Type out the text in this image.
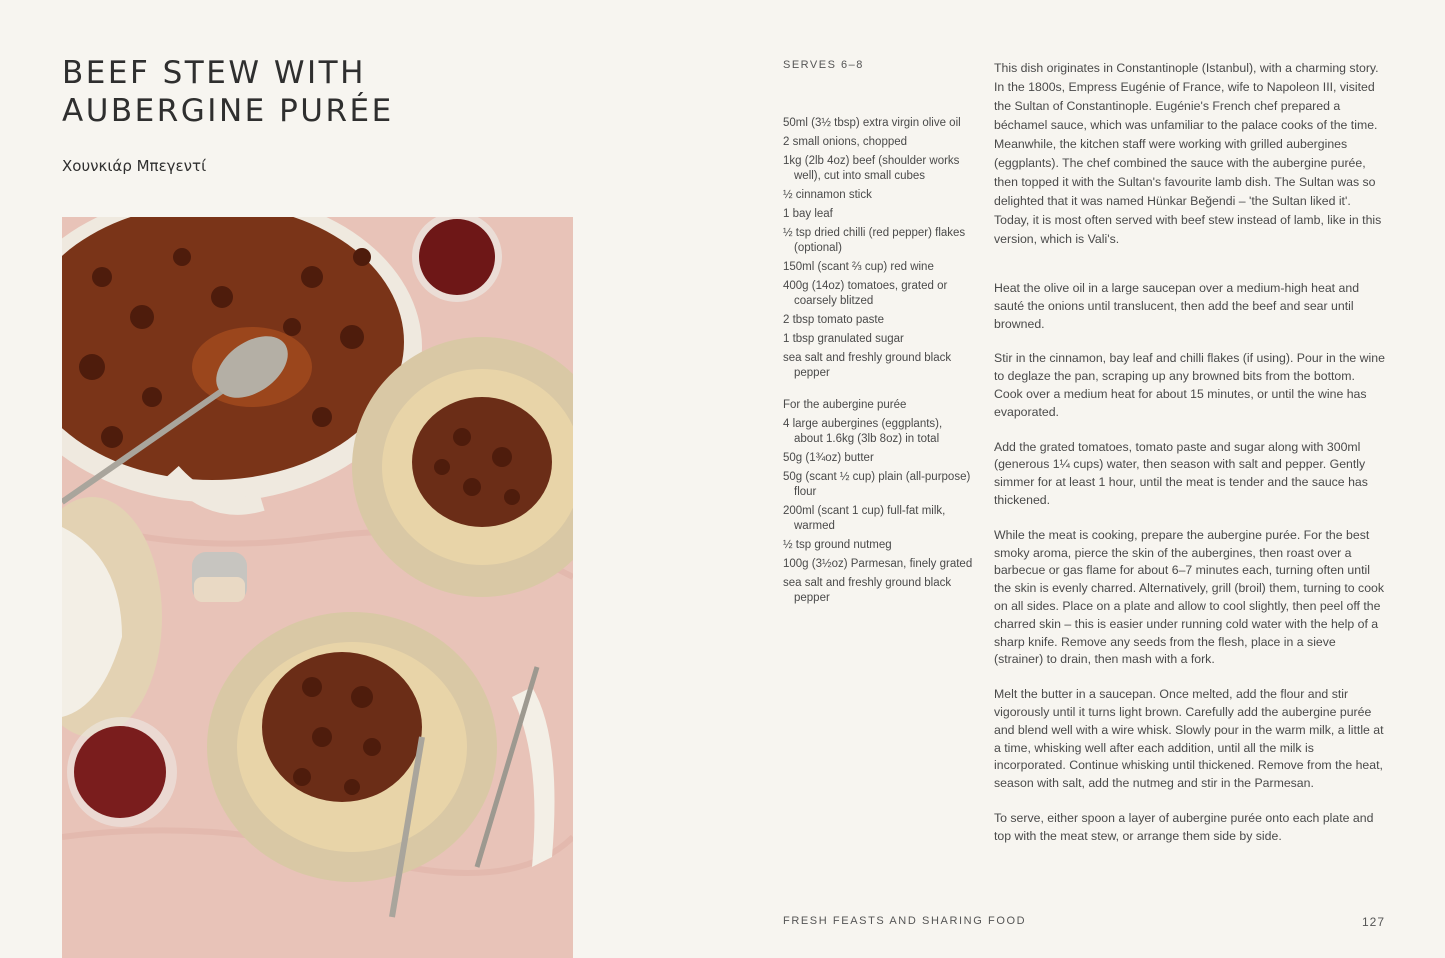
BEEF STEW WITH
AUBERGINE PURÉE
Χουνκιάρ Μπεγεντί
SERVES 6–8
50ml (3½ tbsp) extra virgin olive oil
2 small onions, chopped
1kg (2lb 4oz) beef (shoulder works well), cut into small cubes
½ cinnamon stick
1 bay leaf
½ tsp dried chilli (red pepper) flakes (optional)
150ml (scant ⅔ cup) red wine
400g (14oz) tomatoes, grated or coarsely blitzed
2 tbsp tomato paste
1 tbsp granulated sugar
sea salt and freshly ground black pepper
For the aubergine purée
4 large aubergines (eggplants), about 1.6kg (3lb 8oz) in total
50g (1¾oz) butter
50g (scant ½ cup) plain (all-purpose) flour
200ml (scant 1 cup) full-fat milk, warmed
½ tsp ground nutmeg
100g (3½oz) Parmesan, finely grated
sea salt and freshly ground black pepper

This dish originates in Constantinople (Istanbul), with a charming story. In the 1800s, Empress Eugénie of France, wife to Napoleon III, visited the Sultan of Constantinople. Eugénie's French chef prepared a béchamel sauce, which was unfamiliar to the palace cooks of the time. Meanwhile, the kitchen staff were working with grilled aubergines (eggplants). The chef combined the sauce with the aubergine purée, then topped it with the Sultan's favourite lamb dish. The Sultan was so delighted that it was named Hünkar Beğendi – 'the Sultan liked it'. Today, it is most often served with beef stew instead of lamb, like in this version, which is Vali's.

Heat the olive oil in a large saucepan over a medium-high heat and sauté the onions until translucent, then add the beef and sear until browned.

Stir in the cinnamon, bay leaf and chilli flakes (if using). Pour in the wine to deglaze the pan, scraping up any browned bits from the bottom. Cook over a medium heat for about 15 minutes, or until the wine has evaporated.

Add the grated tomatoes, tomato paste and sugar along with 300ml (generous 1¼ cups) water, then season with salt and pepper. Gently simmer for at least 1 hour, until the meat is tender and the sauce has thickened.

While the meat is cooking, prepare the aubergine purée. For the best smoky aroma, pierce the skin of the aubergines, then roast over a barbecue or gas flame for about 6–7 minutes each, turning often until the skin is evenly charred. Alternatively, grill (broil) them, turning to cook on all sides. Place on a plate and allow to cool slightly, then peel off the charred skin – this is easier under running cold water with the help of a sharp knife. Remove any seeds from the flesh, place in a sieve (strainer) to drain, then mash with a fork.

Melt the butter in a saucepan. Once melted, add the flour and stir vigorously until it turns light brown. Carefully add the aubergine purée and blend well with a wire whisk. Slowly pour in the warm milk, a little at a time, whisking well after each addition, until all the milk is incorporated. Continue whisking until thickened. Remove from the heat, season with salt, add the nutmeg and stir in the Parmesan.

To serve, either spoon a layer of aubergine purée onto each plate and top with the meat stew, or arrange them side by side.

FRESH FEASTS AND SHARING FOOD	127
